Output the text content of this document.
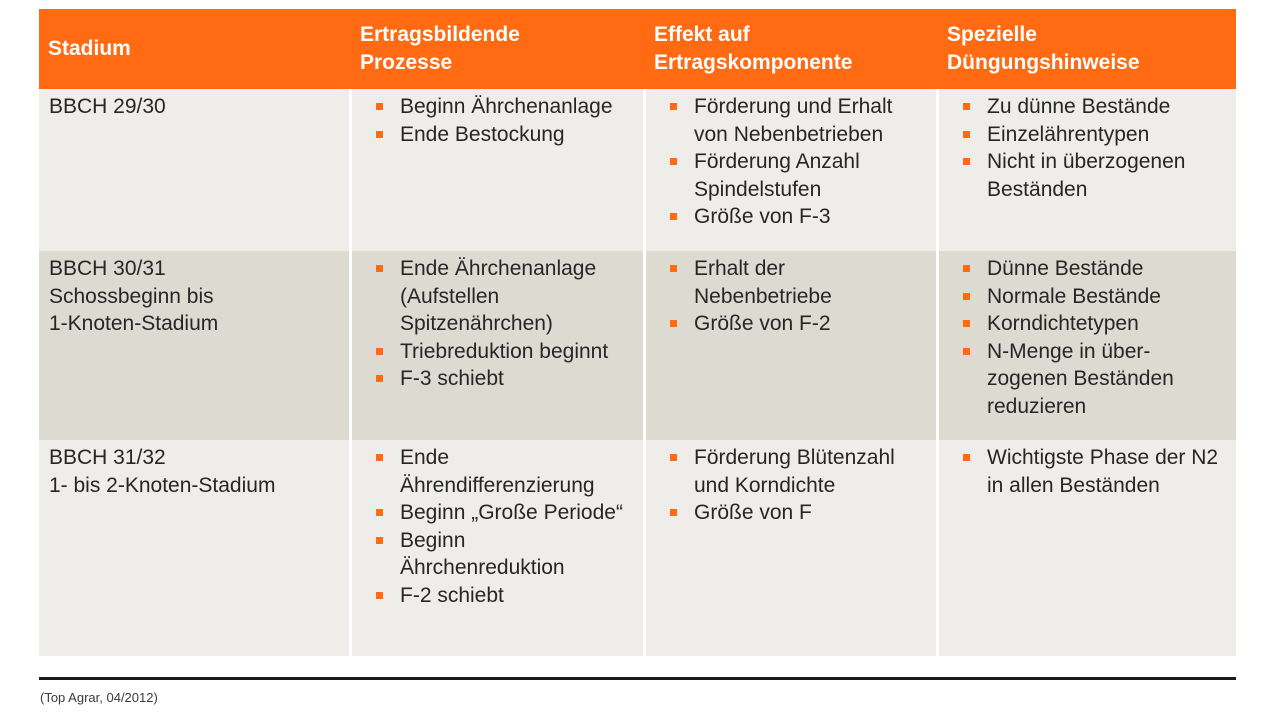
Stadium
Ertragsbildende
Prozesse
Effekt auf
Ertragskomponente
Spezielle
Düngungshinweise
BBCH 29/30	Beginn Ährchenanlage
Ende Bestockung
Förderung und Erhalt von Nebenbetrieben
Förderung Anzahl Spindelstufen
Größe von F-3
Zu dünne Bestände
Einzelährentypen
Nicht in überzogenen Beständen
BBCH 30/31
Schossbeginn bis
1-Knoten-Stadium
Ende Ährchenanlage (Aufstellen Spitzenährchen)
Triebreduktion beginnt
F-3 schiebt
Erhalt der Nebenbetriebe
Größe von F-2
Dünne Bestände
Normale Bestände
Korndichtetypen
N-Menge in über-zogenen Beständen reduzieren
BBCH 31/32
1- bis 2-Knoten-Stadium
Ende Ährendifferenzierung
Beginn „Große Periode“
Beginn Ährchenreduktion
F-2 schiebt
Förderung Blütenzahl und Korndichte
Größe von F
Wichtigste Phase der N2 in allen Beständen
(Top Agrar, 04/2012)
